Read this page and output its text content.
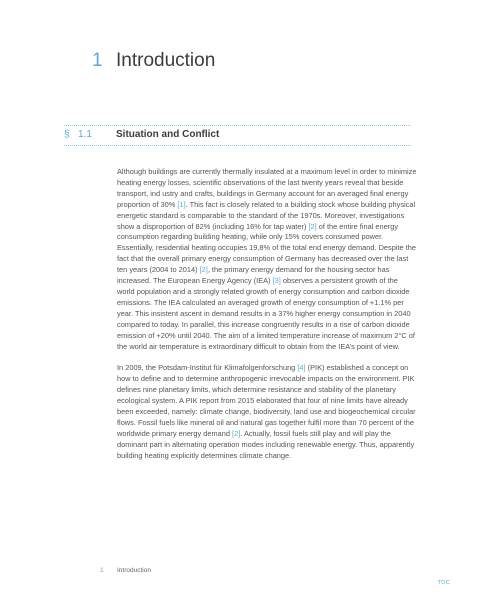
1 Introduction
§ 1.1	Situation and Conflict

Although buildings are currently thermally insulated at a maximum level in order to minimize heating energy losses, scientific observations of the last twenty years reveal that beside transport, ind ustry and crafts, buildings in Germany account for an averaged final energy proportion of 30% [1]. This fact is closely related to a building stock whose building physical energetic standard is comparable to the standard of the 1970s. Moreover, investigations show a disproportion of 82% (including 16% for tap water) [2] of the entire final energy consumption regarding building heating, while only 15% covers consumed power. Essentially, residential heating occupies 19,8% of the total end energy demand. Despite the fact that the overall primary energy consumption of Germany has decreased over the last ten years (2004 to 2014) [2], the primary energy demand for the housing sector has increased. The European Energy Agency (IEA) [3] observes a persistent growth of the world population and a strongly related growth of energy consumption and carbon dioxide emissions. The IEA calculated an averaged growth of energy consumption of +1.1% per year. This insistent ascent in demand results in a 37% higher energy consumption in 2040 compared to today. In parallel, this increase congruently results in a rise of carbon dioxide emission of +20% until 2040. The aim of a limited temperature increase of maximum 2°C of the world air temperature is extraordinary difficult to obtain from the IEA’s point of view.

In 2009, the Potsdam-Institut für Klimafolgenforschung [4] (PIK) established a concept on how to define and to determine anthropogenic irrevocable impacts on the environment. PIK defines nine planetary limits, which determine resistance and stability of the planetary ecological system. A PIK report from 2015 elaborated that four of nine limits have already been exceeded, namely: climate change, biodiversity, land use and biogeochemical circular flows. Fossil fuels like mineral oil and natural gas together fulfil more than 70 percent of the worldwide primary energy demand [2]. Actually, fossil fuels still play and will play the dominant part in alternating operation modes including renewable energy. Thus, apparently building heating explicitly determines climate change.

1	Introduction
TOC
